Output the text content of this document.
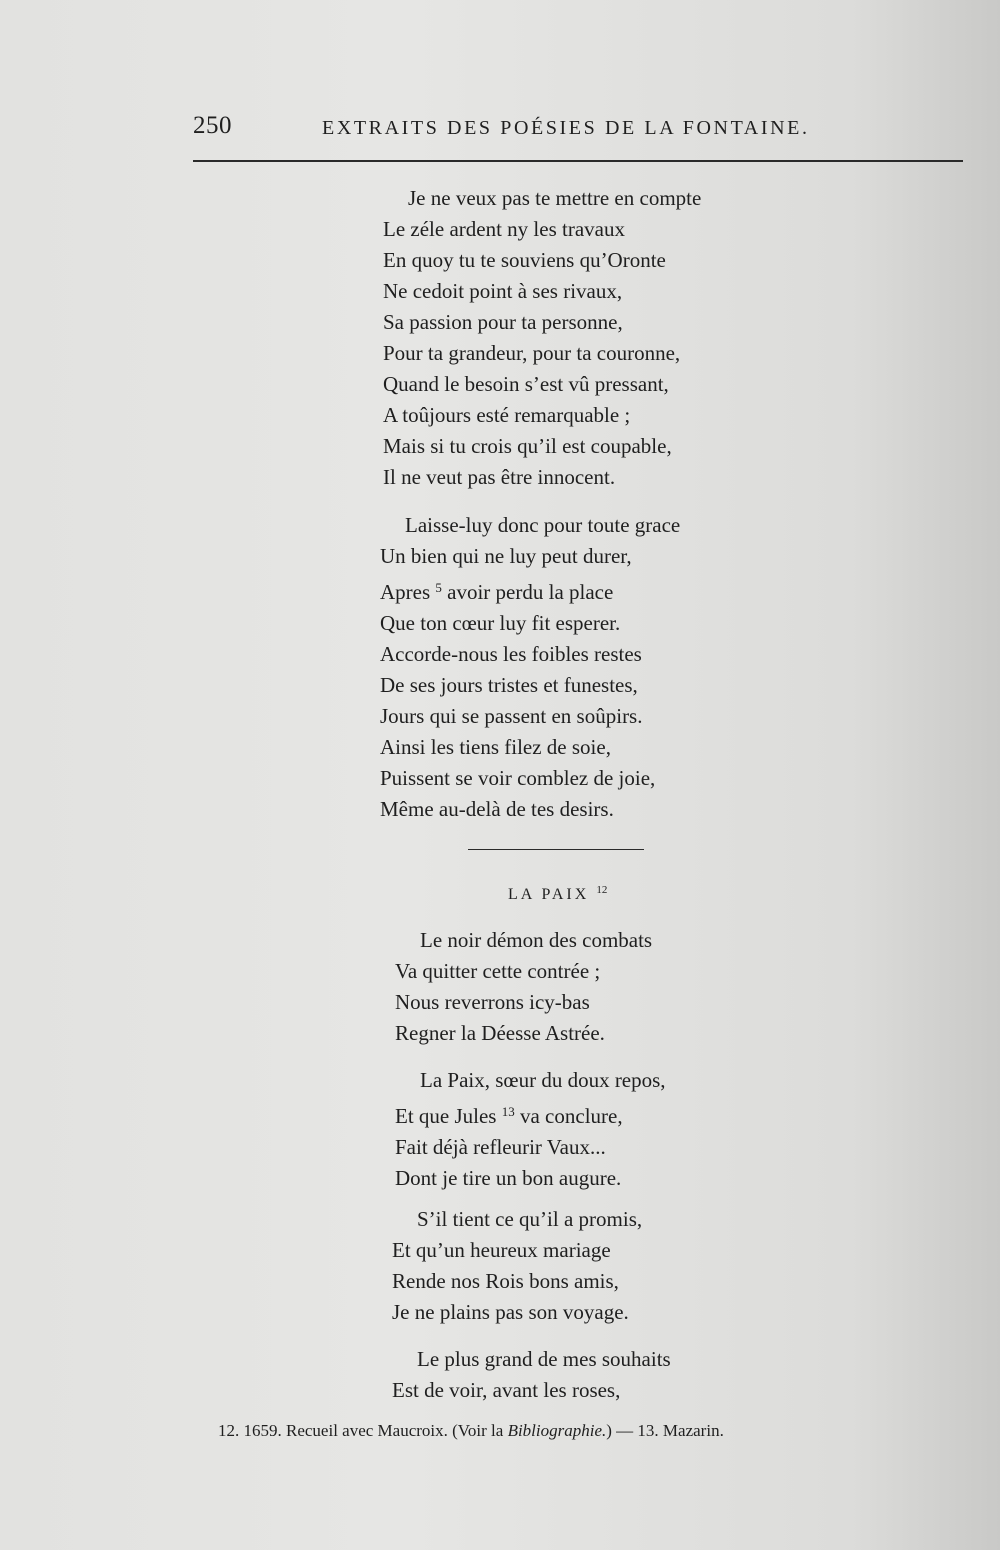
250	EXTRAITS DES POÉSIES DE LA FONTAINE.
Je ne veux pas te mettre en compte
Le zéle ardent ny les travaux
En quoy tu te souviens qu’Oronte
Ne cedoit point à ses rivaux,
Sa passion pour ta personne,
Pour ta grandeur, pour ta couronne,
Quand le besoin s’est vû pressant,
A toûjours esté remarquable ;
Mais si tu crois qu’il est coupable,
Il ne veut pas être innocent.
Laisse-luy donc pour toute grace
Un bien qui ne luy peut durer,
Apres $^5$ avoir perdu la place
Que ton cœur luy fit esperer.
Accorde-nous les foibles restes
De ses jours tristes et funestes,
Jours qui se passent en soûpirs.
Ainsi les tiens filez de soie,
Puissent se voir comblez de joie,
Même au-delà de tes desirs.
LA PAIX $^{12}$
Le noir démon des combats
Va quitter cette contrée ;
Nous reverrons icy-bas
Regner la Déesse Astrée.
La Paix, sœur du doux repos,
Et que Jules $^{13}$ va conclure,
Fait déjà refleurir Vaux...
Dont je tire un bon augure.
S’il tient ce qu’il a promis,
Et qu’un heureux mariage
Rende nos Rois bons amis,
Je ne plains pas son voyage.
Le plus grand de mes souhaits
Est de voir, avant les roses,
12. 1659. Recueil avec Maucroix. (Voir la Bibliographie.) — 13. Mazarin.
